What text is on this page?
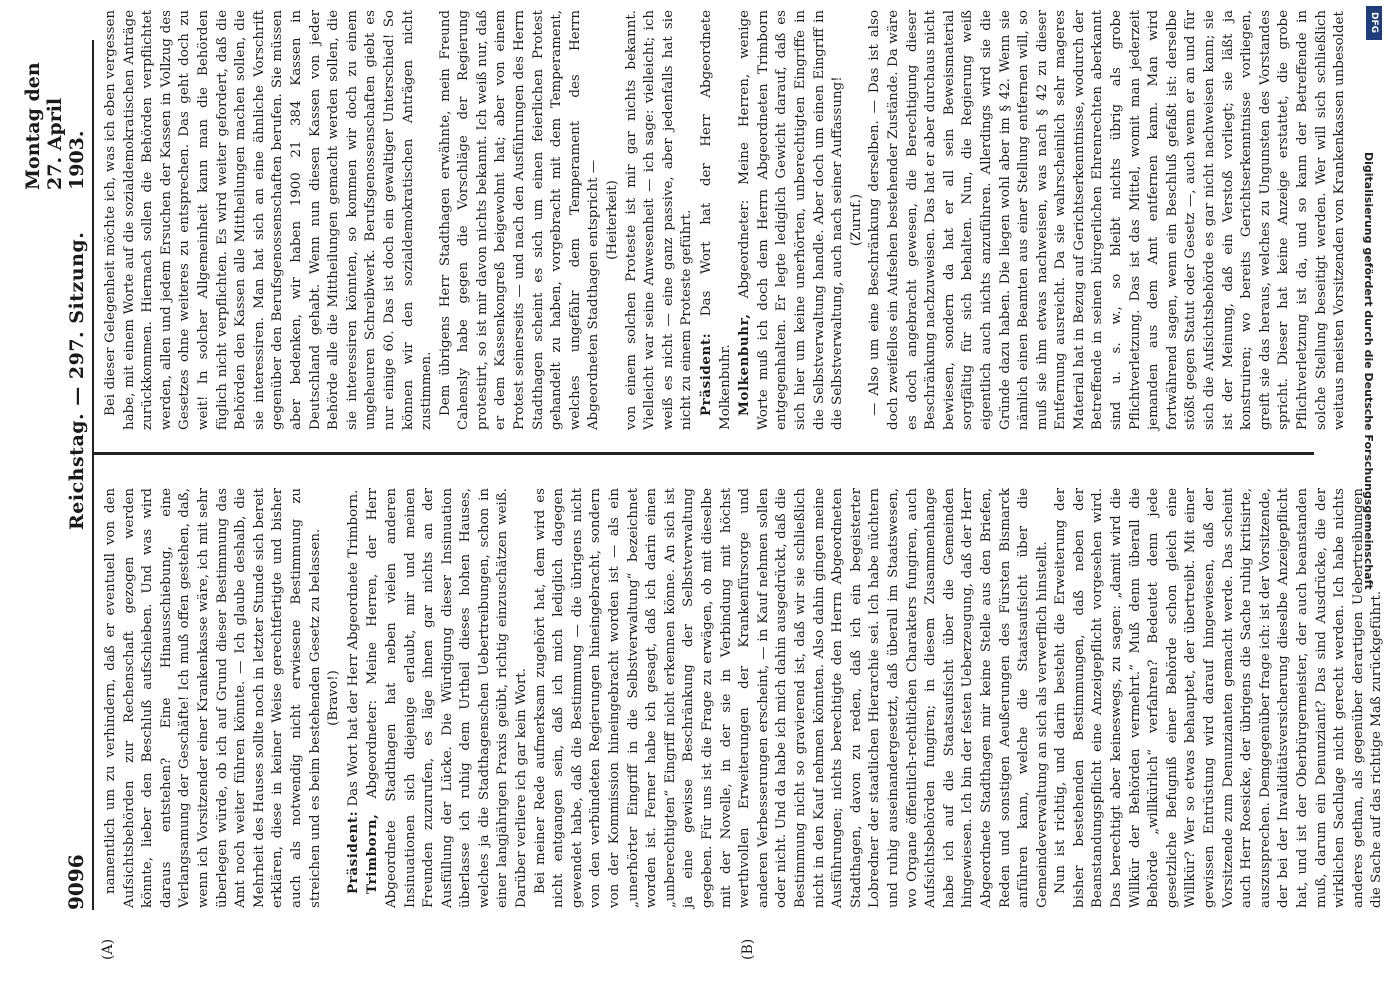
9096
Reichstag. — 297. Sitzung.
Montag den 27. April 1903.
(A)	(B)

namentlich um zu verhindern, daß er eventuell von den Aufsichtsbehörden zur Rechenschaft gezogen werden könnte, lieber den Beschluß aufschieben. Und was wird daraus entstehen? Eine Hinausschiebung, eine Verlangsamung der Geschäfte! Ich muß offen gestehen, daß, wenn ich Vorsitzender einer Krankenkasse wäre, ich mit sehr überlegen würde, ob ich auf Grund dieser Bestimmung das Amt noch weiter führen könnte. — Ich glaube deshalb, die Mehrheit des Hauses sollte noch in letzter Stunde sich bereit erklären, diese in keiner Weise gerechtfertigte und bisher auch als notwendig nicht erwiesene Bestimmung zu streichen und es beim bestehenden Gesetz zu belassen. (Bravo!)

Präsident: Das Wort hat der Herr Abgeordnete Trimborn.

Trimborn, Abgeordneter: Meine Herren, der Herr Abgeordnete Stadthagen hat neben vielen anderen Insinuationen sich diejenige erlaubt, mir und meinen Freunden zuzurufen, es läge ihnen gar nichts an der Ausfüllung der Lücke. Die Würdigung dieser Insinuation überlasse ich ruhig dem Urtheil dieses hohen Hauses, welches ja die Stadthagenschen Uebertreibungen, schon in einer langjährigen Praxis geübt, richtig einzuschätzen weiß. Darüber verliere ich gar kein Wort. Bei meiner Rede aufmerksam zugehört hat, dem wird es nicht entgangen sein, daß ich mich lediglich dagegen gewendet habe, daß die Bestimmung — die übrigens nicht von den verbündeten Regierungen hineingebracht, sondern von der Kommission hineingebracht worden ist — als ein „unerhörter Eingriff in die Selbstverwaltung“ bezeichnet worden ist. Ferner habe ich gesagt, daß ich darin einen „unberechtigten“ Eingriff nicht erkennen könne. An sich ist ja eine gewisse Beschränkung der Selbstverwaltung gegeben. Für uns ist die Frage zu erwägen, ob mit dieselbe mit der Novelle, in der sie in Verbindung mit höchst werthvollen Erweiterungen der Krankenfürsorge und anderen Verbesserungen erscheint, — in Kauf nehmen sollen oder nicht. Und da habe ich mich dahin ausgedrückt, daß die Bestimmung nicht so gravierend ist, daß wir sie schließlich nicht in den Kauf nehmen könnten. Also dahin gingen meine Ausführungen; nichts berechtigte den Herrn Abgeordneten Stadthagen, davon zu reden, daß ich ein begeisterter Lobredner der staatlichen Hierarchie sei. Ich habe nüchtern und ruhig auseinandergesetzt, daß überall im Staatswesen, wo Organe öffentlich-rechtlichen Charakters fungiren, auch Aufsichtsbehörden fungiren; in diesem Zusammenhange habe ich auf die Staatsaufsicht über die Gemeinden hingewiesen. Ich bin der festen Ueberzeugung, daß der Herr Abgeordnete Stadthagen mir keine Stelle aus den Briefen, Reden und sonstigen Aeußerungen des Fürsten Bismarck anführen kann, welche die Staatsaufsicht über die Gemeindeverwaltung an sich als verwerflich hinstellt. Nun ist richtig, und darin besteht die Erweiterung der bisher bestehenden Bestimmungen, daß neben der Beanstandungspflicht eine Anzeigepflicht vorgesehen wird. Das berechtigt aber keineswegs, zu sagen: „damit wird die Willkür der Behörden vermehrt.“ Muß denn überall die Behörde „willkürlich“ verfahren? Bedeutet denn jede gesetzliche Befugniß einer Behörde schon gleich eine Willkür? Wer so etwas behauptet, der übertreibt. Mit einer gewissen Entrüstung wird darauf hingewiesen, daß der Vorsitzende zum Denunzianten gemacht werde. Das scheint auch Herr Roesicke, der übrigens die Sache ruhig kritisirte, auszusprechen. Demgegenüber frage ich: ist der Vorsitzende, der bei der Invaliditätsversicherung dieselbe Anzeigepflicht hat, und ist der Oberbürgermeister, der auch beanstanden muß, darum ein Denunziant? Das sind Ausdrücke, die der wirklichen Sachlage nicht gerecht werden. Ich habe nichts anderes gethan, als gegenüber derartigen Uebertreibungen die Sache auf das richtige Maß zurückgeführt.

Bei dieser Gelegenheit möchte ich, was ich eben vergessen habe, mit einem Worte auf die sozialdemokratischen Anträge zurückkommen. Hiernach sollen die Behörden verpflichtet werden, allen und jedem Ersuchen der Kassen in Vollzug des Gesetzes ohne weiteres zu entsprechen. Das geht doch zu weit! In solcher Allgemeinheit kann man die Behörden füglich nicht verpflichten. Es wird weiter gefordert, daß die Behörden den Kassen alle Mittheilungen machen sollen, die sie interessiren. Man hat sich an eine ähnliche Vorschrift gegenüber den Berufsgenossenschaften berufen. Sie müssen aber bedenken, wir haben 1900 21 384 Kassen in Deutschland gehabt. Wenn nun diesen Kassen von jeder Behörde alle die Mittheilungen gemacht werden sollen, die sie interessiren könnten, so kommen wir doch zu einem ungeheuren Schreibwerk. Berufsgenossenschaften giebt es nur einige 60. Das ist doch ein gewaltiger Unterschied! So können wir den sozialdemokratischen Anträgen nicht zustimmen. Dem übrigens Herr Stadthagen erwähnte, mein Freund Cahensly habe gegen die Vorschläge der Regierung protestirt, so ist mir davon nichts bekannt. Ich weiß nur, daß er dem Kassenkongreß beigewohnt hat; aber von einem Protest seinerseits — und nach den Ausführungen des Herrn Stadthagen scheint es sich um einen feierlichen Protest gehandelt zu haben, vorgebracht mit dem Temperament, welches ungefähr dem Temperament des Herrn Abgeordneten Stadthagen entspricht — (Heiterkeit) von einem solchen Proteste ist mir gar nichts bekannt. Vielleicht war seine Anwesenheit — ich sage: vielleicht; ich weiß es nicht — eine ganz passive, aber jedenfalls hat sie nicht zu einem Proteste geführt. Präsident: Das Wort hat der Herr Abgeordnete Molkenbuhr. Molkenbuhr, Abgeordneter: Meine Herren, wenige Worte muß ich doch dem Herrn Abgeordneten Trimborn entgegenhalten. Er legte lediglich Gewicht darauf, daß es sich hier um keine unerhörten, unberechtigten Eingriffe in die Selbstverwaltung handle. Aber doch um einen Eingriff in die Selbstverwaltung, auch nach seiner Auffassung! (Zuruf.) — Also um eine Beschränkung derselben. — Das ist also doch zweifellos ein Aufsehen bestehender Zustände. Da wäre es doch angebracht gewesen, die Berechtigung dieser Beschränkung nachzuweisen. Das hat er aber durchaus nicht bewiesen, sondern da hat er all sein Beweismaterial sorgfältig für sich behalten. Nun, die Regierung weiß eigentlich auch nichts anzuführen. Allerdings wird sie die Gründe dazu haben. Die liegen wohl aber im § 42. Wenn sie nämlich einen Beamten aus einer Stellung entfernen will, so muß sie ihm etwas nachweisen, was nach § 42 zu dieser Entfernung ausreicht. Da sie wahrscheinlich sehr mageres Material hat in Bezug auf Gerichtserkenntnisse, wodurch der Betreffende in seinen bürgerlichen Ehrenrechten aberkannt sind u. s. w., so bleibt nichts übrig als grobe Pflichtverletzung. Das ist das Mittel, womit man jederzeit jemanden aus dem Amt entfernen kann. Man wird fortwährend sagen, wenn ein Beschluß gefaßt ist: derselbe stößt gegen Statut oder Gesetz —, auch wenn er an und für sich die Aufsichtsbehörde es gar nicht nachweisen kann; sie ist der Meinung, daß ein Verstoß vorliegt; sie läßt ja konstruiren; wo bereits Gerichtserkenntnisse vorliegen, greift sie das heraus, welches zu Ungunsten des Vorstandes spricht. Dieser hat keine Anzeige erstattet, die grobe Pflichtverletzung ist da, und so kann der Betreffende in solche Stellung beseitigt werden. Wer will sich schließlich weitaus meisten Vorsitzenden von Krankenkassen unbesoldet Digitalisierung gefördert durch die Deutsche Forschungsgemeinschaft
DFG
